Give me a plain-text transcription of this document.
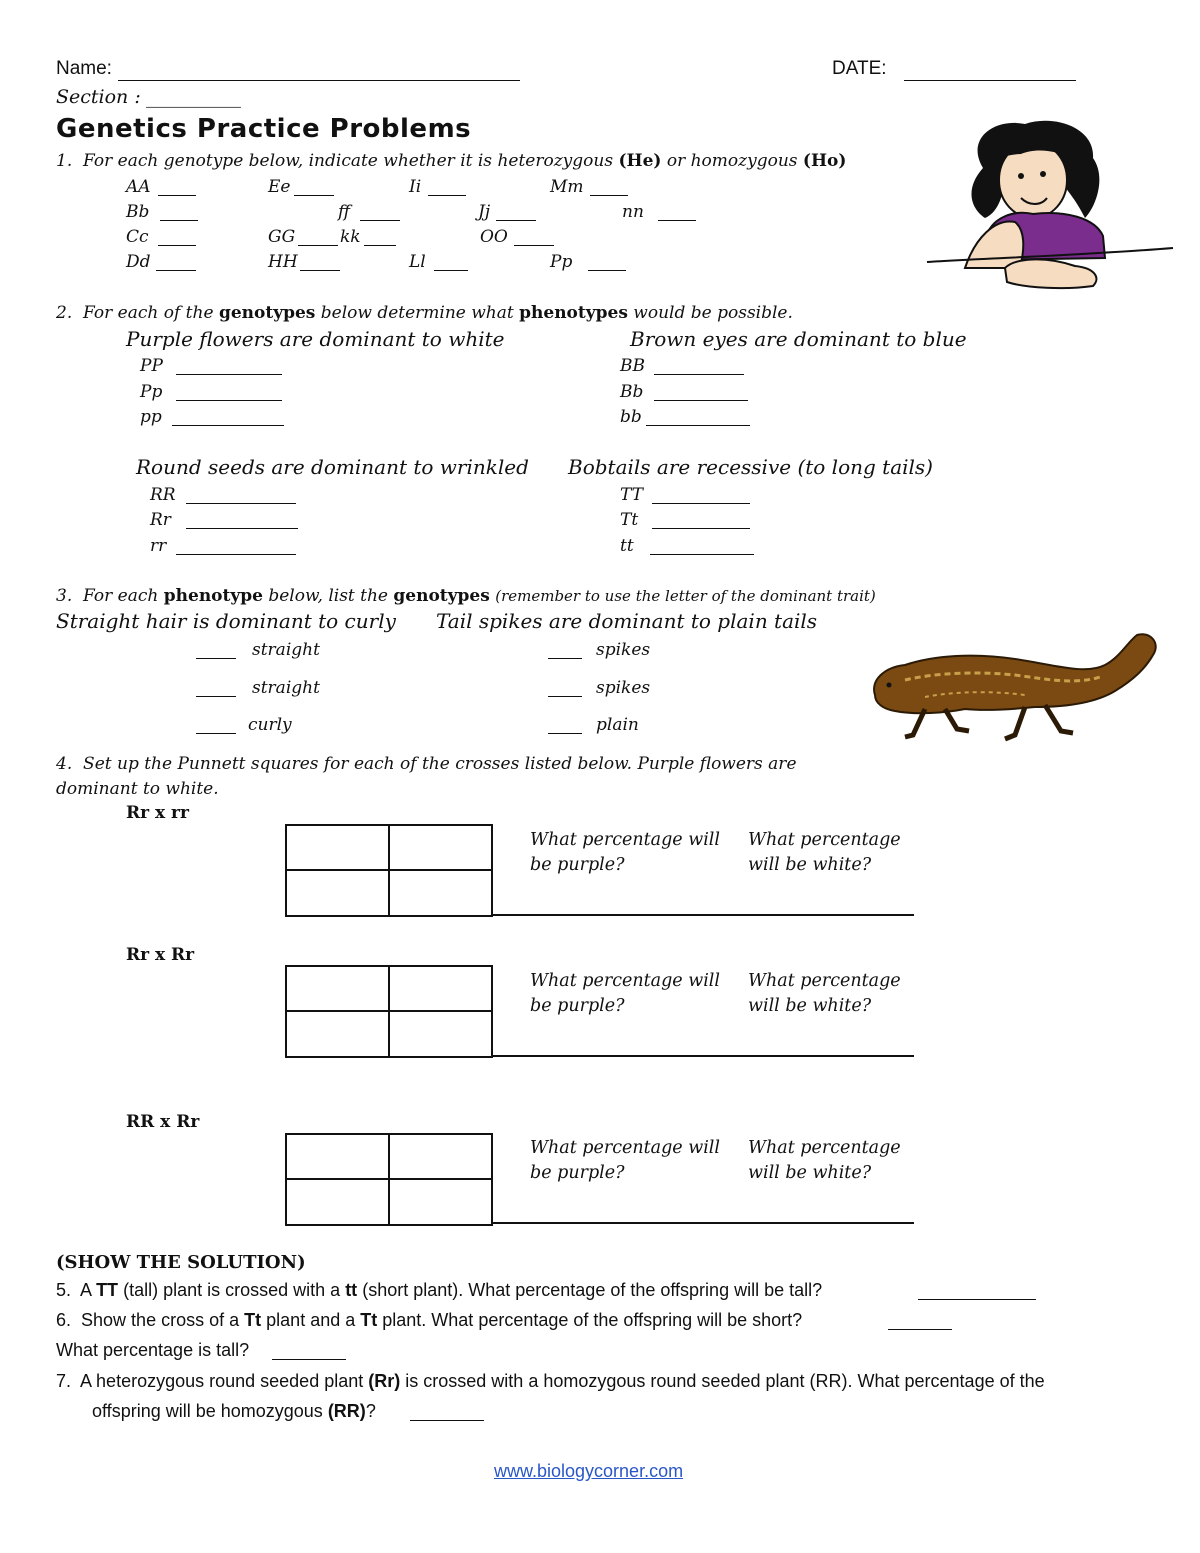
Name:	DATE:
Section : __________
Genetics Practice Problems
1. For each genotype below, indicate whether it is heterozygous (He) or homozygous (Ho)
AA	Ee	Ii	Mm
Bb	ff	Jj	nn
Cc	GG	kk	OO
Dd	HH	Ll	Pp
2. For each of the genotypes below determine what phenotypes would be possible.
Purple flowers are dominant to white	Brown eyes are dominant to blue
PP
Pp
pp
BB
Bb
bb
Round seeds are dominant to wrinkled Bobtails are recessive (to long tails)
RR
Rr
rr
TT
Tt
tt
3. For each phenotype below, list the genotypes (remember to use the letter of the dominant trait)
Straight hair is dominant to curly Tail spikes are dominant to plain tails
straight
straight
curly
spikes
spikes
plain
4. Set up the Punnett squares for each of the crosses listed below. Purple flowers are
dominant to white.
Rr x rr
What percentage will
be purple?
What percentage
will be white?
Rr x Rr
What percentage will
be purple?
What percentage
will be white?
RR x Rr
What percentage will
be purple?
What percentage
will be white?
(SHOW THE SOLUTION)
5. A TT (tall) plant is crossed with a tt (short plant). What percentage of the offspring will be tall?
6. Show the cross of a Tt plant and a Tt plant. What percentage of the offspring will be short?
What percentage is tall?
7. A heterozygous round seeded plant (Rr) is crossed with a homozygous round seeded plant (RR). What percentage of the
offspring will be homozygous (RR)?
www.biologycorner.com
